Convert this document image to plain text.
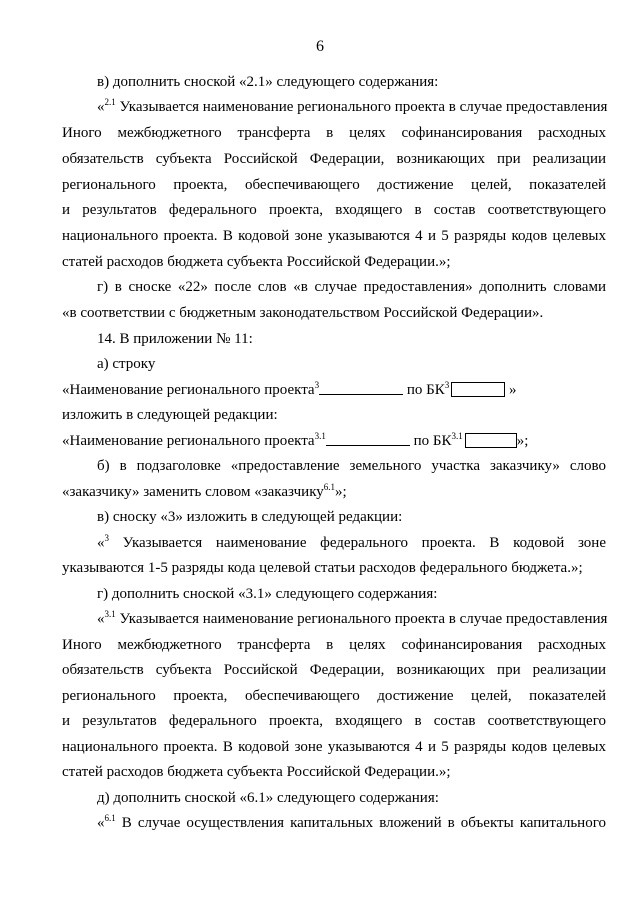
6
в) дополнить сноской «2.1» следующего содержания:
«$^{2.1}$ Указывается наименование регионального проекта в случае предоставления
Иного межбюджетного трансферта в целях софинансирования расходных
обязательств субъекта Российской Федерации, возникающих при реализации
регионального проекта, обеспечивающего достижение целей, показателей
и результатов федерального проекта, входящего в состав соответствующего
национального проекта. В кодовой зоне указываются 4 и 5 разряды кодов целевых
статей расходов бюджета субъекта Российской Федерации.»;
г) в сноске «22» после слов «в случае предоставления» дополнить словами
«в соответствии с бюджетным законодательством Российской Федерации».
14. В приложении № 11:
а) строку
«Наименование регионального проекта$^3$	по $БК^3$	»
изложить в следующей редакции:
«Наименование регионального проекта$^{3.1}$	по $БК^{3.1}$	»;
б) в подзаголовке «предоставление земельного участка заказчику» слово
«заказчику» заменить словом «заказчику$^{6.1}$»;
в) сноску «3» изложить в следующей редакции:
«$^3$ Указывается наименование федерального проекта. В кодовой зоне
указываются 1-5 разряды кода целевой статьи расходов федерального бюджета.»;
г) дополнить сноской «3.1» следующего содержания:
«$^{3.1}$ Указывается наименование регионального проекта в случае предоставления
Иного межбюджетного трансферта в целях софинансирования расходных
обязательств субъекта Российской Федерации, возникающих при реализации
регионального проекта, обеспечивающего достижение целей, показателей
и результатов федерального проекта, входящего в состав соответствующего
национального проекта. В кодовой зоне указываются 4 и 5 разряды кодов целевых
статей расходов бюджета субъекта Российской Федерации.»;
д) дополнить сноской «6.1» следующего содержания:
«$^{6.1}$ В случае осуществления капитальных вложений в объекты капитального
